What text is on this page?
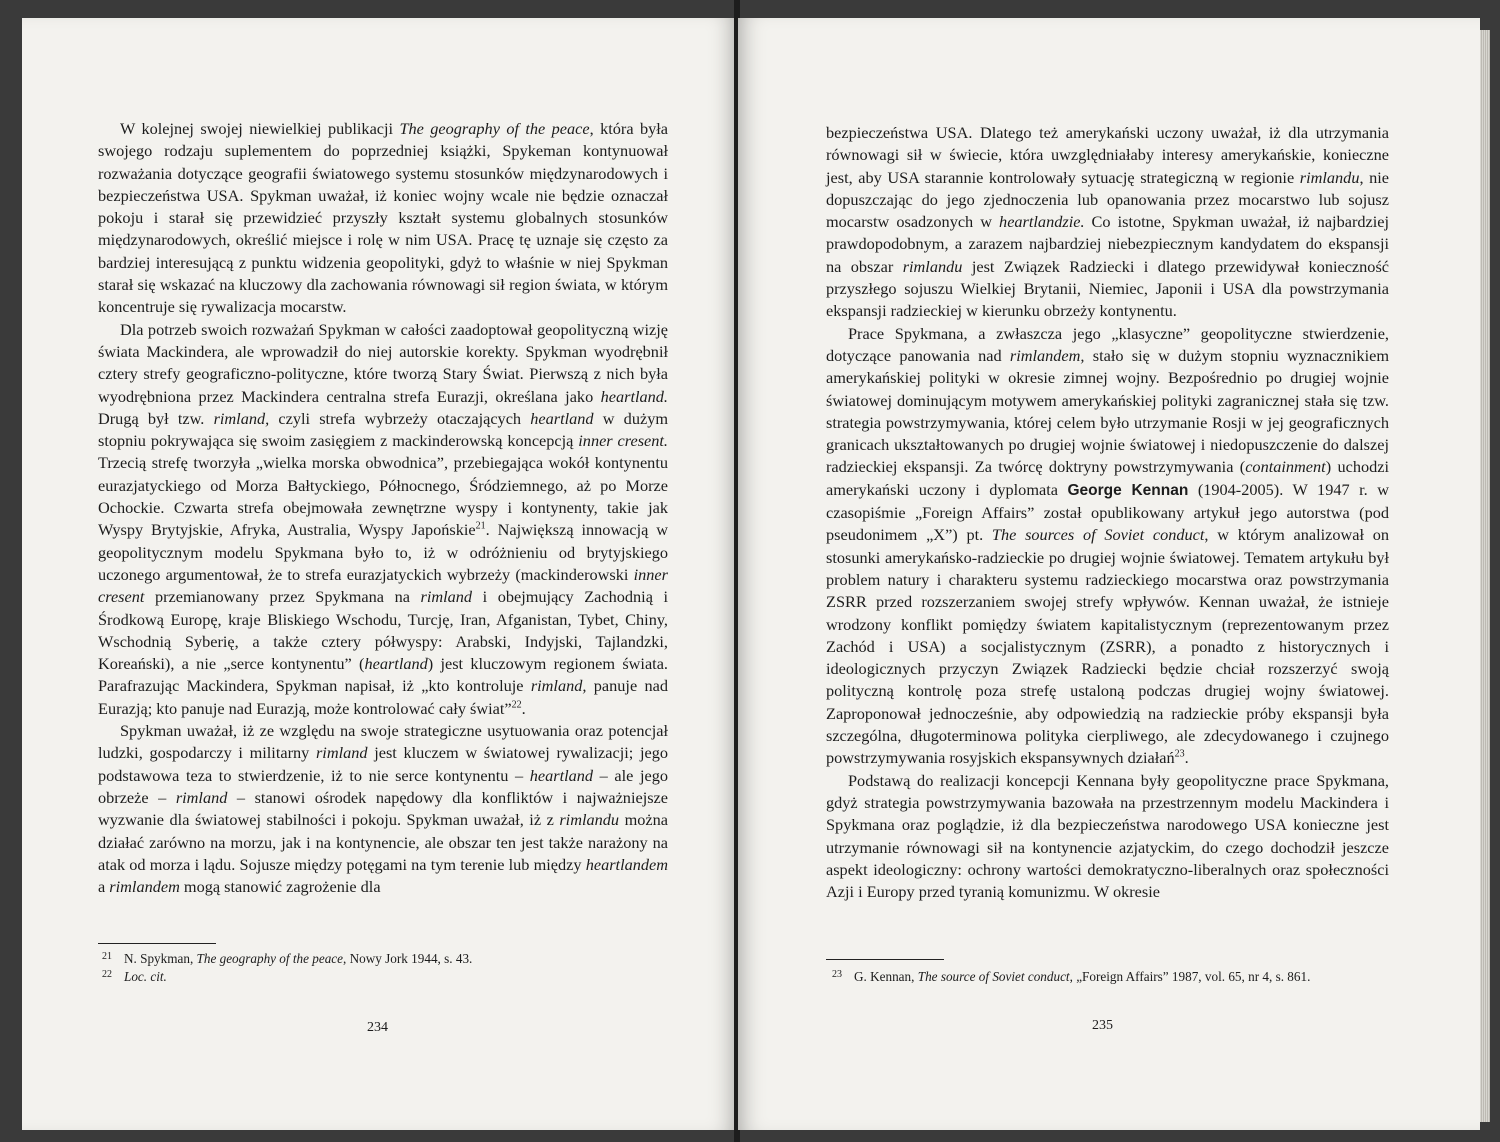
W kolejnej swojej niewielkiej publikacji The geography of the peace, która była swojego rodzaju suplementem do poprzedniej książki, Spykeman kontynuował rozważania dotyczące geografii światowego systemu stosunków międzynarodowych i bezpieczeństwa USA. Spykman uważał, iż koniec wojny wcale nie będzie oznaczał pokoju i starał się przewidzieć przyszły kształt systemu globalnych stosunków międzynarodowych, określić miejsce i rolę w nim USA. Pracę tę uznaje się często za bardziej interesującą z punktu widzenia geopolityki, gdyż to właśnie w niej Spykman starał się wskazać na kluczowy dla zachowania równowagi sił region świata, w którym koncentruje się rywalizacja mocarstw.

Dla potrzeb swoich rozważań Spykman w całości zaadoptował geopolityczną wizję świata Mackindera, ale wprowadził do niej autorskie korekty. Spykman wyodrębnił cztery strefy geograficzno-polityczne, które tworzą Stary Świat. Pierwszą z nich była wyodrębniona przez Mackindera centralna strefa Eurazji, określana jako heartland. Drugą był tzw. rimland, czyli strefa wybrzeży otaczających heartland w dużym stopniu pokrywająca się swoim zasięgiem z mackinderowską koncepcją inner cresent. Trzecią strefę tworzyła „wielka morska obwodnica”, przebiegająca wokół kontynentu eurazjatyckiego od Morza Bałtyckiego, Północnego, Śródziemnego, aż po Morze Ochockie. Czwarta strefa obejmowała zewnętrzne wyspy i kontynenty, takie jak Wyspy Brytyjskie, Afryka, Australia, Wyspy Japońskie$^{21}$. Największą innowacją w geopolitycznym modelu Spykmana było to, iż w odróżnieniu od brytyjskiego uczonego argumentował, że to strefa eurazjatyckich wybrzeży (mackinderowski inner cresent przemianowany przez Spykmana na rimland i obejmujący Zachodnią i Środkową Europę, kraje Bliskiego Wschodu, Turcję, Iran, Afganistan, Tybet, Chiny, Wschodnią Syberię, a także cztery półwyspy: Arabski, Indyjski, Tajlandzki, Koreański), a nie „serce kontynentu” (heartland) jest kluczowym regionem świata. Parafrazując Mackindera, Spykman napisał, iż „kto kontroluje rimland, panuje nad Eurazją; kto panuje nad Eurazją, może kontrolować cały świat”$^{22}$.

Spykman uważał, iż ze względu na swoje strategiczne usytuowania oraz potencjał ludzki, gospodarczy i militarny rimland jest kluczem w światowej rywalizacji; jego podstawowa teza to stwierdzenie, iż to nie serce kontynentu – heartland – ale jego obrzeże – rimland – stanowi ośrodek napędowy dla konfliktów i najważniejsze wyzwanie dla światowej stabilności i pokoju. Spykman uważał, iż z rimlandu można działać zarówno na morzu, jak i na kontynencie, ale obszar ten jest także narażony na atak od morza i lądu. Sojusze między potęgami na tym terenie lub między heartlandem a rimlandem mogą stanowić zagrożenie dla

21 N. Spykman, The geography of the peace, Nowy Jork 1944, s. 43.
22 Loc. cit.
234

bezpieczeństwa USA. Dlatego też amerykański uczony uważał, iż dla utrzymania równowagi sił w świecie, która uwzględniałaby interesy amerykańskie, konieczne jest, aby USA starannie kontrolowały sytuację strategiczną w regionie rimlandu, nie dopuszczając do jego zjednoczenia lub opanowania przez mocarstwo lub sojusz mocarstw osadzonych w heartlandzie. Co istotne, Spykman uważał, iż najbardziej prawdopodobnym, a zarazem najbardziej niebezpiecznym kandydatem do ekspansji na obszar rimlandu jest Związek Radziecki i dlatego przewidywał konieczność przyszłego sojuszu Wielkiej Brytanii, Niemiec, Japonii i USA dla powstrzymania ekspansji radzieckiej w kierunku obrzeży kontynentu.

Prace Spykmana, a zwłaszcza jego „klasyczne” geopolityczne stwierdzenie, dotyczące panowania nad rimlandem, stało się w dużym stopniu wyznacznikiem amerykańskiej polityki w okresie zimnej wojny. Bezpośrednio po drugiej wojnie światowej dominującym motywem amerykańskiej polityki zagranicznej stała się tzw. strategia powstrzymywania, której celem było utrzymanie Rosji w jej geograficznych granicach ukształtowanych po drugiej wojnie światowej i niedopuszczenie do dalszej radzieckiej ekspansji. Za twórcę doktryny powstrzymywania (containment) uchodzi amerykański uczony i dyplomata George Kennan (1904-2005). W 1947 r. w czasopiśmie „Foreign Affairs” został opublikowany artykuł jego autorstwa (pod pseudonimem „X”) pt. The sources of Soviet conduct, w którym analizował on stosunki amerykańsko-radzieckie po drugiej wojnie światowej. Tematem artykułu był problem natury i charakteru systemu radzieckiego mocarstwa oraz powstrzymania ZSRR przed rozszerzaniem swojej strefy wpływów. Kennan uważał, że istnieje wrodzony konflikt pomiędzy światem kapitalistycznym (reprezentowanym przez Zachód i USA) a socjalistycznym (ZSRR), a ponadto z historycznych i ideologicznych przyczyn Związek Radziecki będzie chciał rozszerzyć swoją polityczną kontrolę poza strefę ustaloną podczas drugiej wojny światowej. Zaproponował jednocześnie, aby odpowiedzią na radzieckie próby ekspansji była szczególna, długoterminowa polityka cierpliwego, ale zdecydowanego i czujnego powstrzymywania rosyjskich ekspansywnych działań$^{23}$.

Podstawą do realizacji koncepcji Kennana były geopolityczne prace Spykmana, gdyż strategia powstrzymywania bazowała na przestrzennym modelu Mackindera i Spykmana oraz poglądzie, iż dla bezpieczeństwa narodowego USA konieczne jest utrzymanie równowagi sił na kontynencie azjatyckim, do czego dochodził jeszcze aspekt ideologiczny: ochrony wartości demokratyczno-liberalnych oraz społeczności Azji i Europy przed tyranią komunizmu. W okresie

23 G. Kennan, The source of Soviet conduct, „Foreign Affairs” 1987, vol. 65, nr 4, s. 861.
235
